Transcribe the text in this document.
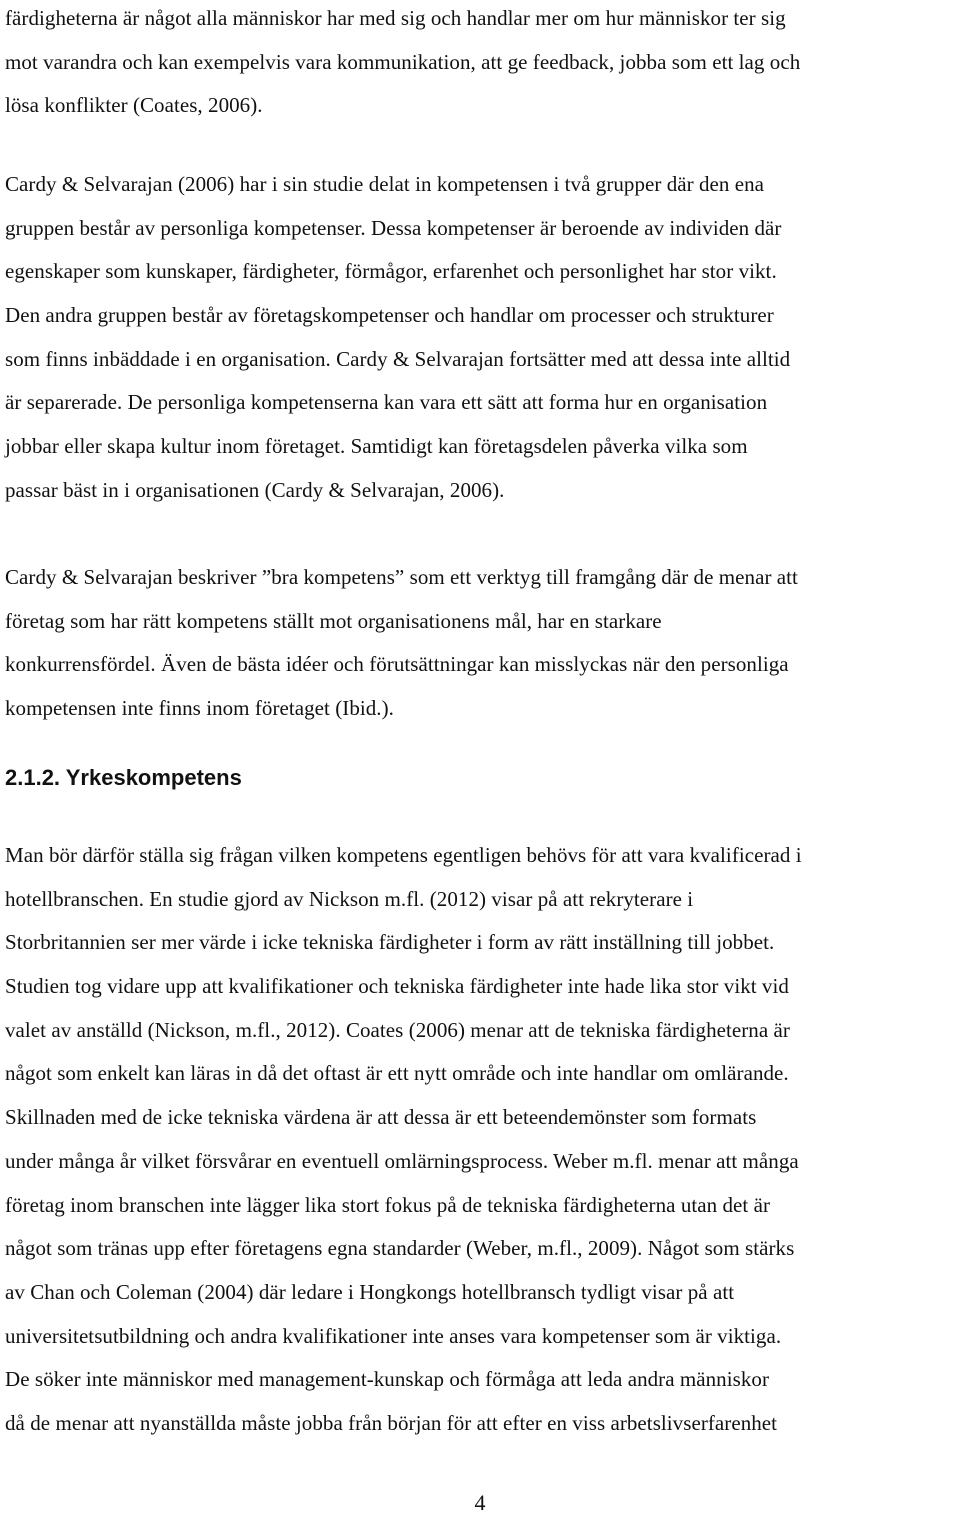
färdigheterna är något alla människor har med sig och handlar mer om hur människor ter sig
mot varandra och kan exempelvis vara kommunikation, att ge feedback, jobba som ett lag och
lösa konflikter (Coates, 2006).
Cardy & Selvarajan (2006) har i sin studie delat in kompetensen i två grupper där den ena
gruppen består av personliga kompetenser. Dessa kompetenser är beroende av individen där
egenskaper som kunskaper, färdigheter, förmågor, erfarenhet och personlighet har stor vikt.
Den andra gruppen består av företagskompetenser och handlar om processer och strukturer
som finns inbäddade i en organisation. Cardy & Selvarajan fortsätter med att dessa inte alltid
är separerade. De personliga kompetenserna kan vara ett sätt att forma hur en organisation
jobbar eller skapa kultur inom företaget. Samtidigt kan företagsdelen påverka vilka som
passar bäst in i organisationen (Cardy & Selvarajan, 2006).
Cardy & Selvarajan beskriver ”bra kompetens” som ett verktyg till framgång där de menar att
företag som har rätt kompetens ställt mot organisationens mål, har en starkare
konkurrensfördel. Även de bästa idéer och förutsättningar kan misslyckas när den personliga
kompetensen inte finns inom företaget (Ibid.).
2.1.2. Yrkeskompetens
Man bör därför ställa sig frågan vilken kompetens egentligen behövs för att vara kvalificerad i
hotellbranschen. En studie gjord av Nickson m.fl. (2012) visar på att rekryterare i
Storbritannien ser mer värde i icke tekniska färdigheter i form av rätt inställning till jobbet.
Studien tog vidare upp att kvalifikationer och tekniska färdigheter inte hade lika stor vikt vid
valet av anställd (Nickson, m.fl., 2012). Coates (2006) menar att de tekniska färdigheterna är
något som enkelt kan läras in då det oftast är ett nytt område och inte handlar om omlärande.
Skillnaden med de icke tekniska värdena är att dessa är ett beteendemönster som formats
under många år vilket försvårar en eventuell omlärningsprocess. Weber m.fl. menar att många
företag inom branschen inte lägger lika stort fokus på de tekniska färdigheterna utan det är
något som tränas upp efter företagens egna standarder (Weber, m.fl., 2009). Något som stärks
av Chan och Coleman (2004) där ledare i Hongkongs hotellbransch tydligt visar på att
universitetsutbildning och andra kvalifikationer inte anses vara kompetenser som är viktiga.
De söker inte människor med management-kunskap och förmåga att leda andra människor
då de menar att nyanställda måste jobba från början för att efter en viss arbetslivserfarenhet
4
